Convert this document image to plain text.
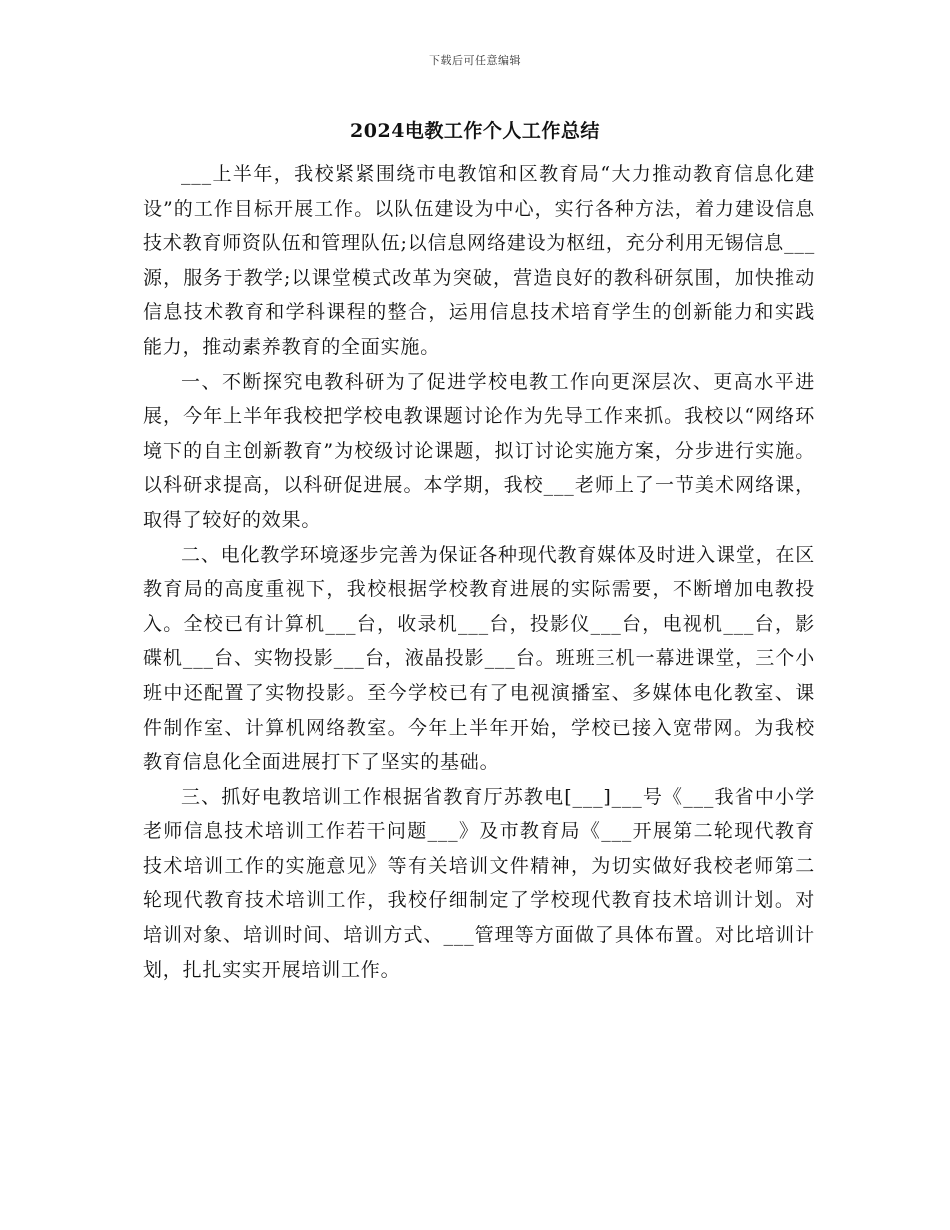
下载后可任意编辑
2024电教工作个人工作总结

___上半年，我校紧紧围绕市电教馆和区教育局“大力推动教育信息化建设”的工作目标开展工作。以队伍建设为中心，实行各种方法，着力建设信息技术教育师资队伍和管理队伍;以信息网络建设为枢纽，充分利用无锡信息___源，服务于教学;以课堂模式改革为突破，营造良好的教科研氛围，加快推动信息技术教育和学科课程的整合，运用信息技术培育学生的创新能力和实践能力，推动素养教育的全面实施。

一、不断探究电教科研为了促进学校电教工作向更深层次、更高水平进展，今年上半年我校把学校电教课题讨论作为先导工作来抓。我校以“网络环境下的自主创新教育”为校级讨论课题，拟订讨论实施方案，分步进行实施。以科研求提高，以科研促进展。本学期，我校___老师上了一节美术网络课，取得了较好的效果。

二、电化教学环境逐步完善为保证各种现代教育媒体及时进入课堂，在区教育局的高度重视下，我校根据学校教育进展的实际需要，不断增加电教投入。全校已有计算机___台，收录机___台，投影仪___台，电视机___台，影碟机___台、实物投影___台，液晶投影___台。班班三机一幕进课堂，三个小班中还配置了实物投影。至今学校已有了电视演播室、多媒体电化教室、课件制作室、计算机网络教室。今年上半年开始，学校已接入宽带网。为我校教育信息化全面进展打下了坚实的基础。

三、抓好电教培训工作根据省教育厅苏教电[___]___号《___我省中小学老师信息技术培训工作若干问题___》及市教育局《___开展第二轮现代教育技术培训工作的实施意见》等有关培训文件精神，为切实做好我校老师第二轮现代教育技术培训工作，我校仔细制定了学校现代教育技术培训计划。对培训对象、培训时间、培训方式、___管理等方面做了具体布置。对比培训计划，扎扎实实开展培训工作。
